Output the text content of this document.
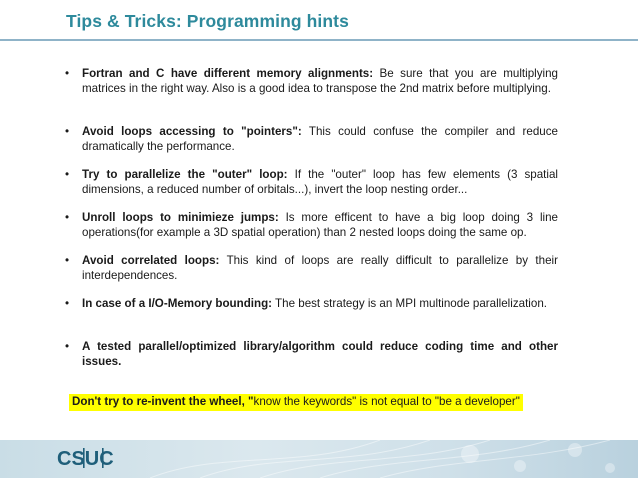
Tips & Tricks: Programming hints
•	Fortran and C have different memory alignments: Be sure that you are multiplying matrices in the right way. Also is a good idea to transpose the 2nd matrix before multiplying.
•	Avoid loops accessing to "pointers": This could confuse the compiler and reduce dramatically the performance.
•	Try to parallelize the "outer" loop: If the "outer" loop has few elements (3 spatial dimensions, a reduced number of orbitals...), invert the loop nesting order...
•	Unroll loops to minimieze jumps: Is more efficent to have a big loop doing 3 line operations(for example a 3D spatial operation) than 2 nested loops doing the same op.
•	Avoid correlated loops: This kind of loops are really difficult to parallelize by their interdependences.
•	In case of a I/O-Memory bounding: The best strategy is an MPI multinode parallelization.
•	A tested parallel/optimized library/algorithm could reduce coding time and other issues.
Don't try to re-invent the wheel, "know the keywords" is not equal to "be a developer"
CSUC
